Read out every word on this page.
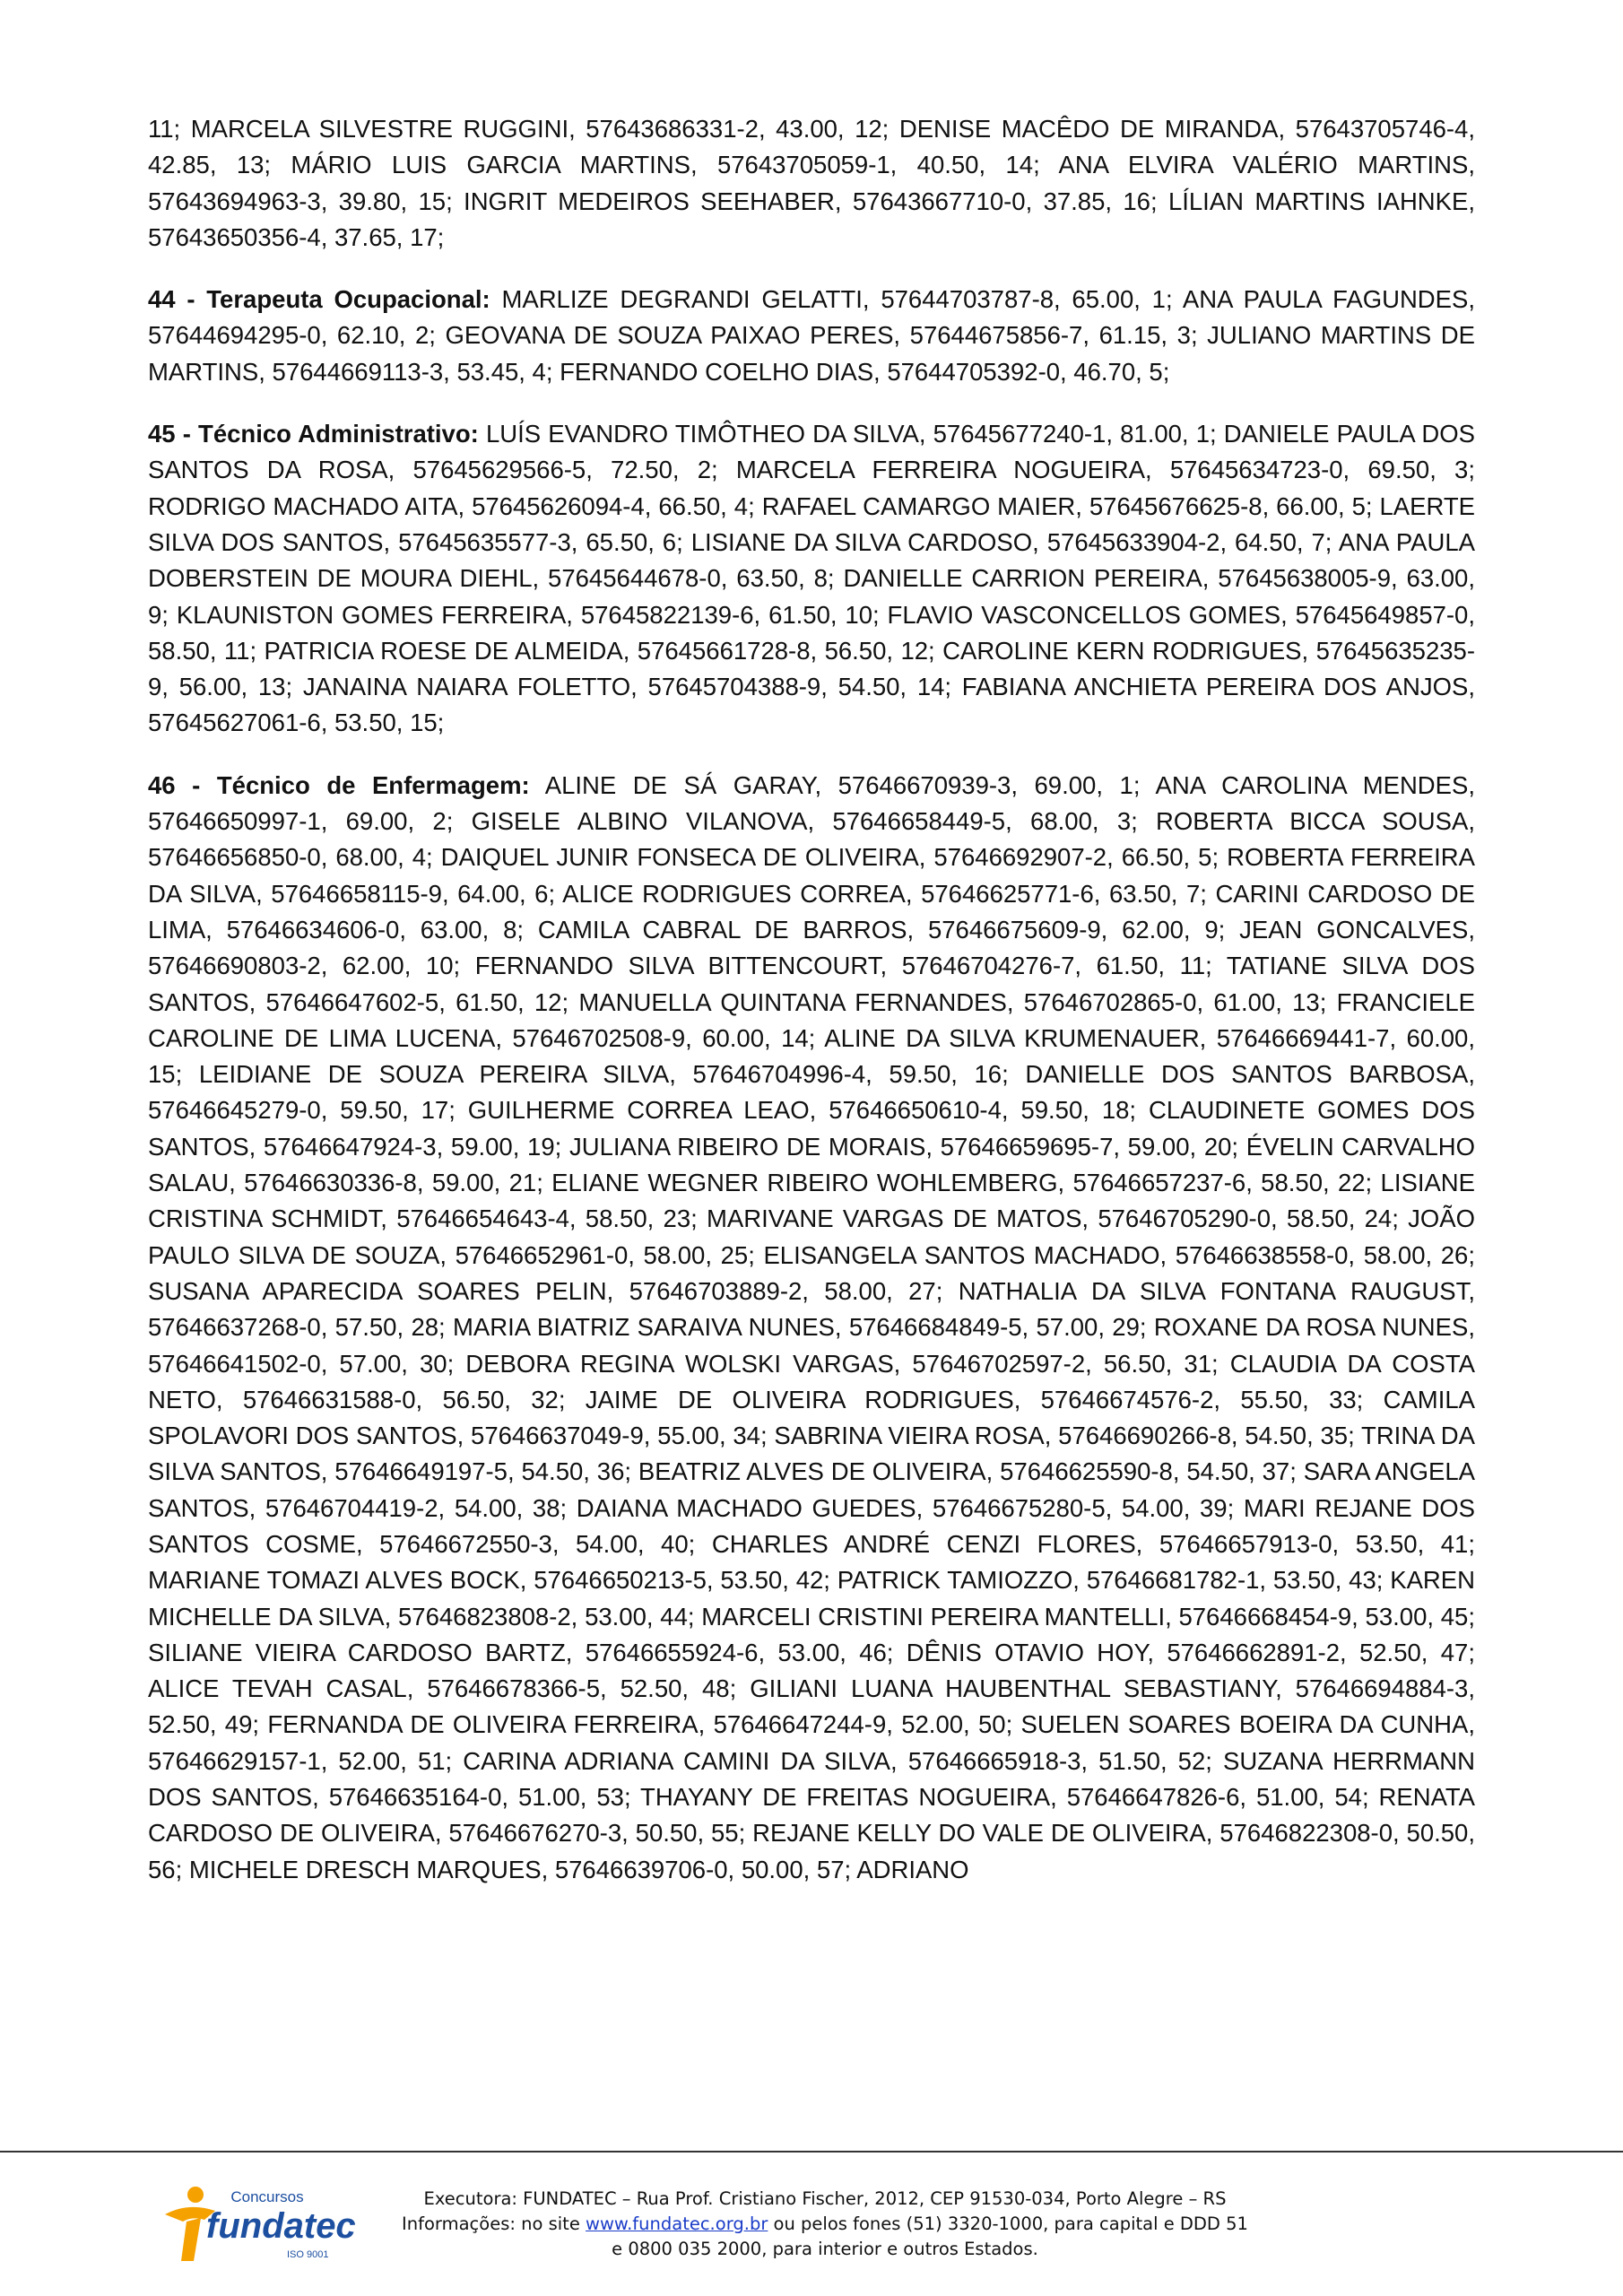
11; MARCELA SILVESTRE RUGGINI, 57643686331-2, 43.00, 12; DENISE MACÊDO DE MIRANDA, 57643705746-4, 42.85, 13; MÁRIO LUIS GARCIA MARTINS, 57643705059-1, 40.50, 14; ANA ELVIRA VALÉRIO MARTINS, 57643694963-3, 39.80, 15; INGRIT MEDEIROS SEEHABER, 57643667710-0, 37.85, 16; LÍLIAN MARTINS IAHNKE, 57643650356-4, 37.65, 17;

44 - Terapeuta Ocupacional: MARLIZE DEGRANDI GELATTI, 57644703787-8, 65.00, 1; ANA PAULA FAGUNDES, 57644694295-0, 62.10, 2; GEOVANA DE SOUZA PAIXAO PERES, 57644675856-7, 61.15, 3; JULIANO MARTINS DE MARTINS, 57644669113-3, 53.45, 4; FERNANDO COELHO DIAS, 57644705392-0, 46.70, 5;

45 - Técnico Administrativo: LUÍS EVANDRO TIMÔTHEO DA SILVA, 57645677240-1, 81.00, 1; DANIELE PAULA DOS SANTOS DA ROSA, 57645629566-5, 72.50, 2; MARCELA FERREIRA NOGUEIRA, 57645634723-0, 69.50, 3; RODRIGO MACHADO AITA, 57645626094-4, 66.50, 4; RAFAEL CAMARGO MAIER, 57645676625-8, 66.00, 5; LAERTE SILVA DOS SANTOS, 57645635577-3, 65.50, 6; LISIANE DA SILVA CARDOSO, 57645633904-2, 64.50, 7; ANA PAULA DOBERSTEIN DE MOURA DIEHL, 57645644678-0, 63.50, 8; DANIELLE CARRION PEREIRA, 57645638005-9, 63.00, 9; KLAUNISTON GOMES FERREIRA, 57645822139-6, 61.50, 10; FLAVIO VASCONCELLOS GOMES, 57645649857-0, 58.50, 11; PATRICIA ROESE DE ALMEIDA, 57645661728-8, 56.50, 12; CAROLINE KERN RODRIGUES, 57645635235-9, 56.00, 13; JANAINA NAIARA FOLETTO, 57645704388-9, 54.50, 14; FABIANA ANCHIETA PEREIRA DOS ANJOS, 57645627061-6, 53.50, 15;

46 - Técnico de Enfermagem: ALINE DE SÁ GARAY, 57646670939-3, 69.00, 1; ANA CAROLINA MENDES, 57646650997-1, 69.00, 2; GISELE ALBINO VILANOVA, 57646658449-5, 68.00, 3; ROBERTA BICCA SOUSA, 57646656850-0, 68.00, 4; DAIQUEL JUNIR FONSECA DE OLIVEIRA, 57646692907-2, 66.50, 5; ROBERTA FERREIRA DA SILVA, 57646658115-9, 64.00, 6; ALICE RODRIGUES CORREA, 57646625771-6, 63.50, 7; CARINI CARDOSO DE LIMA, 57646634606-0, 63.00, 8; CAMILA CABRAL DE BARROS, 57646675609-9, 62.00, 9; JEAN GONCALVES, 57646690803-2, 62.00, 10; FERNANDO SILVA BITTENCOURT, 57646704276-7, 61.50, 11; TATIANE SILVA DOS SANTOS, 57646647602-5, 61.50, 12; MANUELLA QUINTANA FERNANDES, 57646702865-0, 61.00, 13; FRANCIELE CAROLINE DE LIMA LUCENA, 57646702508-9, 60.00, 14; ALINE DA SILVA KRUMENAUER, 57646669441-7, 60.00, 15; LEIDIANE DE SOUZA PEREIRA SILVA, 57646704996-4, 59.50, 16; DANIELLE DOS SANTOS BARBOSA, 57646645279-0, 59.50, 17; GUILHERME CORREA LEAO, 57646650610-4, 59.50, 18; CLAUDINETE GOMES DOS SANTOS, 57646647924-3, 59.00, 19; JULIANA RIBEIRO DE MORAIS, 57646659695-7, 59.00, 20; ÉVELIN CARVALHO SALAU, 57646630336-8, 59.00, 21; ELIANE WEGNER RIBEIRO WOHLEMBERG, 57646657237-6, 58.50, 22; LISIANE CRISTINA SCHMIDT, 57646654643-4, 58.50, 23; MARIVANE VARGAS DE MATOS, 57646705290-0, 58.50, 24; JOÃO PAULO SILVA DE SOUZA, 57646652961-0, 58.00, 25; ELISANGELA SANTOS MACHADO, 57646638558-0, 58.00, 26; SUSANA APARECIDA SOARES PELIN, 57646703889-2, 58.00, 27; NATHALIA DA SILVA FONTANA RAUGUST, 57646637268-0, 57.50, 28; MARIA BIATRIZ SARAIVA NUNES, 57646684849-5, 57.00, 29; ROXANE DA ROSA NUNES, 57646641502-0, 57.00, 30; DEBORA REGINA WOLSKI VARGAS, 57646702597-2, 56.50, 31; CLAUDIA DA COSTA NETO, 57646631588-0, 56.50, 32; JAIME DE OLIVEIRA RODRIGUES, 57646674576-2, 55.50, 33; CAMILA SPOLAVORI DOS SANTOS, 57646637049-9, 55.00, 34; SABRINA VIEIRA ROSA, 57646690266-8, 54.50, 35; TRINA DA SILVA SANTOS, 57646649197-5, 54.50, 36; BEATRIZ ALVES DE OLIVEIRA, 57646625590-8, 54.50, 37; SARA ANGELA SANTOS, 57646704419-2, 54.00, 38; DAIANA MACHADO GUEDES, 57646675280-5, 54.00, 39; MARI REJANE DOS SANTOS COSME, 57646672550-3, 54.00, 40; CHARLES ANDRÉ CENZI FLORES, 57646657913-0, 53.50, 41; MARIANE TOMAZI ALVES BOCK, 57646650213-5, 53.50, 42; PATRICK TAMIOZZO, 57646681782-1, 53.50, 43; KAREN MICHELLE DA SILVA, 57646823808-2, 53.00, 44; MARCELI CRISTINI PEREIRA MANTELLI, 57646668454-9, 53.00, 45; SILIANE VIEIRA CARDOSO BARTZ, 57646655924-6, 53.00, 46; DÊNIS OTAVIO HOY, 57646662891-2, 52.50, 47; ALICE TEVAH CASAL, 57646678366-5, 52.50, 48; GILIANI LUANA HAUBENTHAL SEBASTIANY, 57646694884-3, 52.50, 49; FERNANDA DE OLIVEIRA FERREIRA, 57646647244-9, 52.00, 50; SUELEN SOARES BOEIRA DA CUNHA, 57646629157-1, 52.00, 51; CARINA ADRIANA CAMINI DA SILVA, 57646665918-3, 51.50, 52; SUZANA HERRMANN DOS SANTOS, 57646635164-0, 51.00, 53; THAYANY DE FREITAS NOGUEIRA, 57646647826-6, 51.00, 54; RENATA CARDOSO DE OLIVEIRA, 57646676270-3, 50.50, 55; REJANE KELLY DO VALE DE OLIVEIRA, 57646822308-0, 50.50, 56; MICHELE DRESCH MARQUES, 57646639706-0, 50.00, 57; ADRIANO

Concursos
fundatec
ISO 9001
Executora: FUNDATEC – Rua Prof. Cristiano Fischer, 2012, CEP 91530-034, Porto Alegre – RS
Informações: no site www.fundatec.org.br ou pelos fones (51) 3320-1000, para capital e DDD 51
e 0800 035 2000, para interior e outros Estados.
